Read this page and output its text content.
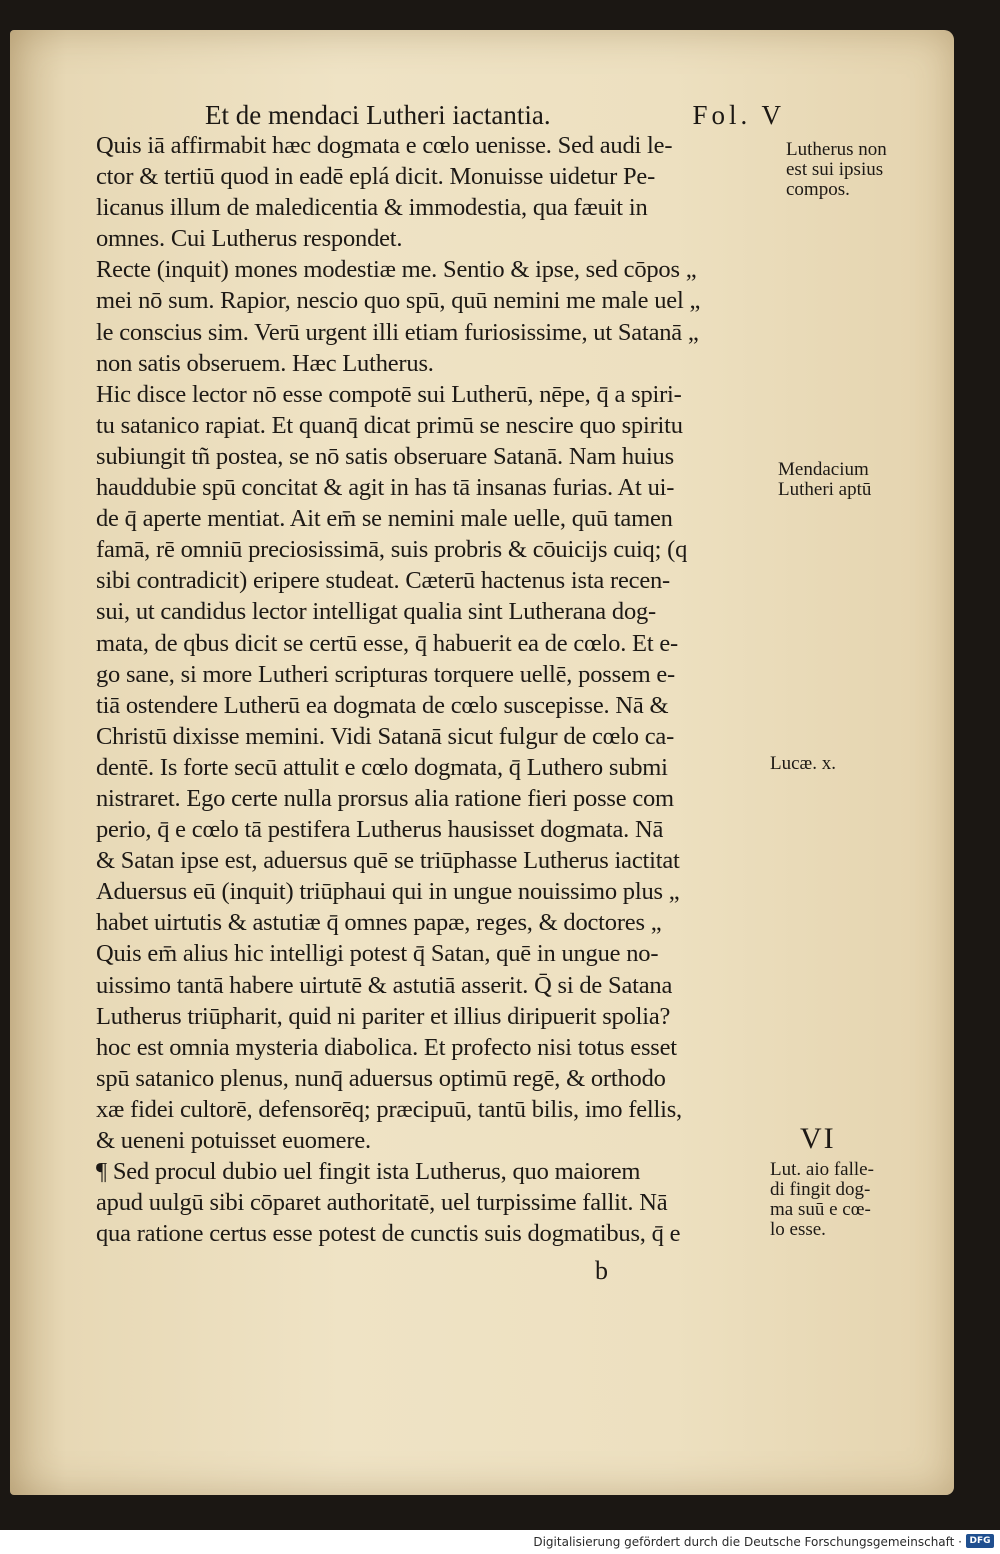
Et de mendaci Lutheri iactantia.	Fol. V
Quis iā affirmabit hæc dogmata e cœlo uenisse. Sed audi le-
ctor & tertiū quod in eadē eplá dicit. Monuisse uidetur Pe-
licanus illum de maledicentia & immodestia, qua fæuit in
omnes. Cui Lutherus respondet.
Recte (inquit) mones modestiæ me. Sentio & ipse, sed cōpos „
mei nō sum. Rapior, nescio quo spū, quū nemini me male uel „
le conscius sim. Verū urgent illi etiam furiosissime, ut Satanā „
non satis obseruem. Hæc Lutherus.
Hic disce lector nō esse compotē sui Lutherū, nēpe, q̄ a spiri-
tu satanico rapiat. Et quanq̄ dicat primū se nescire quo spiritu
subiungit tñ postea, se nō satis obseruare Satanā. Nam huius
hauddubie spū concitat & agit in has tā insanas furias. At ui-
de q̄ aperte mentiat. Ait em̄ se nemini male uelle, quū tamen
famā, rē omniū preciosissimā, suis probris & cōuicijs cuiq; (q
sibi contradicit) eripere studeat. Cæterū hactenus ista recen-
sui, ut candidus lector intelligat qualia sint Lutherana dog-
mata, de qbus dicit se certū esse, q̄ habuerit ea de cœlo. Et e-
go sane, si more Lutheri scripturas torquere uellē, possem e-
tiā ostendere Lutherū ea dogmata de cœlo suscepisse. Nā &
Christū dixisse memini. Vidi Satanā sicut fulgur de cœlo ca-
dentē. Is forte secū attulit e cœlo dogmata, q̄ Luthero submi
nistraret. Ego certe nulla prorsus alia ratione fieri posse com
perio, q̄ e cœlo tā pestifera Lutherus hausisset dogmata. Nā
& Satan ipse est, aduersus quē se triūphasse Lutherus iactitat
Aduersus eū (inquit) triūphaui qui in ungue nouissimo plus „
habet uirtutis & astutiæ q̄ omnes papæ, reges, & doctores „
Quis em̄ alius hic intelligi potest q̄ Satan, quē in ungue no-
uissimo tantā habere uirtutē & astutiā asserit. Q̄ si de Satana
Lutherus triūpharit, quid ni pariter et illius diripuerit spolia?
hoc est omnia mysteria diabolica. Et profecto nisi totus esset
spū satanico plenus, nunq̄ aduersus optimū regē, & orthodo
xæ fidei cultorē, defensorēq; præcipuū, tantū bilis, imo fellis,
& ueneni potuisset euomere.
¶ Sed procul dubio uel fingit ista Lutherus, quo maiorem
apud uulgū sibi cōparet authoritatē, uel turpissime fallit. Nā
qua ratione certus esse potest de cunctis suis dogmatibus, q̄ e
Lutherus non
est sui ipsius
compos.
Mendacium
Lutheri aptū
Lucæ. x.
Lut. aio falle-
di fingit dog-
ma suū e cœ-
lo esse.
VI
b
Digitalisierung gefördert durch die Deutsche Forschungsgemeinschaft · DFG
